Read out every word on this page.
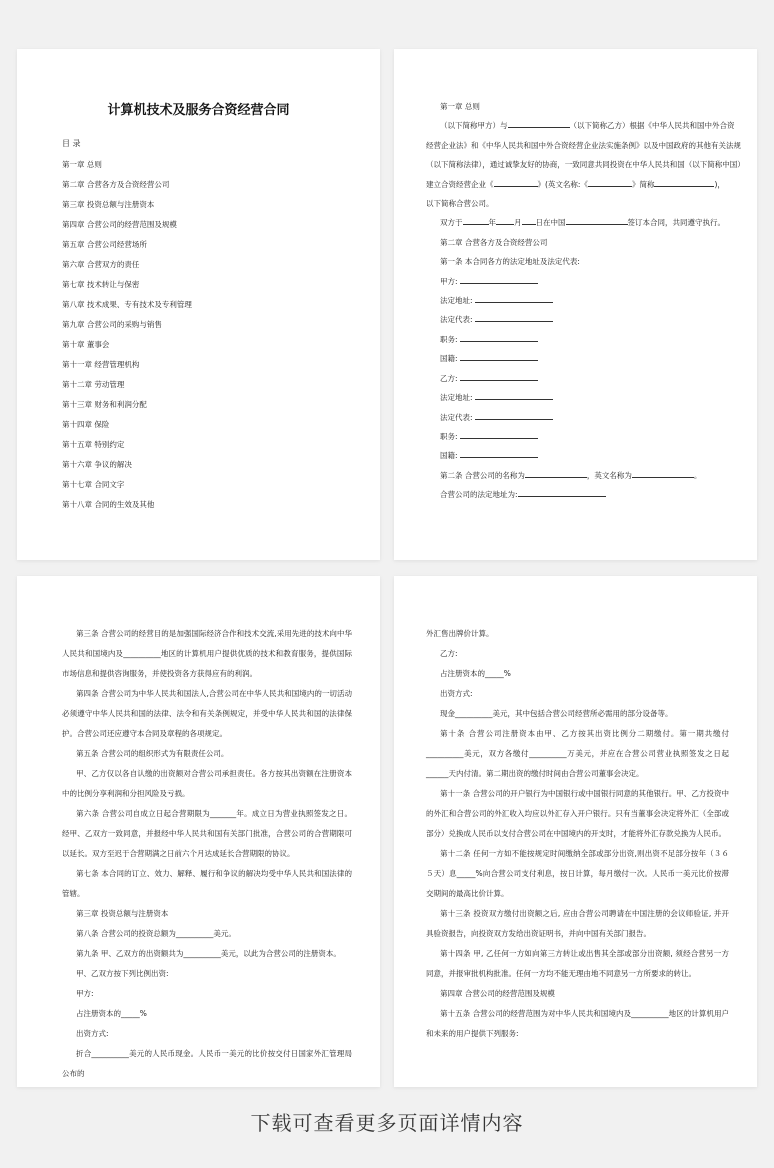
计算机技术及服务合资经营合同
目 录
第一章 总则
第二章 合营各方及合资经营公司
第三章 投资总额与注册资本
第四章 合营公司的经营范围及规模
第五章 合营公司经营场所
第六章 合营双方的责任
第七章 技术转让与保密
第八章 技术成果、专有技术及专利管理
第九章 合营公司的采购与销售
第十章 董事会
第十一章 经营管理机构
第十二章 劳动管理
第十三章 财务和利润分配
第十四章 保险
第十五章 特别约定
第十六章 争议的解决
第十七章 合同文字
第十八章 合同的生效及其他

第一章 总则

（以下简称甲方）与	（以下简称乙方）根据《中华人民共和国中外合资

经营企业法》和《中华人民共和国中外合资经营企业法实施条例》以及中国政府的其他有关法规

（以下简称法律），通过诚挚友好的协商，一致同意共同投资在中华人民共和国（以下简称中国）

建立合资经营企业《	》(英文名称:《	》简称	)，

以下简称合营公司。

双方于	年 月 日在中国	签订本合同，共同遵守执行。

第二章 合营各方及合资经营公司

第一条 本合同各方的法定地址及法定代表:

甲方:

法定地址:

法定代表:

职务:

国籍:

乙方:

法定地址:

法定代表:

职务:

国籍:

第二条 合营公司的名称为	，英文名称为	。

合营公司的法定地址为:

第三条 合营公司的经营目的是加强国际经济合作和技术交流,采用先进的技术向中华人民共和国境内及__________地区的计算机用户提供优质的技术和教育服务，提供国际市场信息和提供咨询服务，并使投资各方获得应有的利润。

第四条 合营公司为中华人民共和国法人,合营公司在中华人民共和国境内的一切活动必须遵守中华人民共和国的法律、法令和有关条例规定，并受中华人民共和国的法律保护。合营公司还应遵守本合同及章程的各项规定。

第五条 合营公司的组织形式为有限责任公司。

甲、乙方仅以各自认缴的出资额对合营公司承担责任。各方按其出资额在注册资本中的比例分享利润和分担风险及亏损。

第六条 合营公司自成立日起合营期限为_______年。成立日为营业执照签发之日。经甲、乙双方一致同意，并报经中华人民共和国有关部门批准，合营公司的合营期限可以延长。双方至迟于合营期满之日前六个月达成延长合营期限的协议。

第七条 本合同的订立、效力、解释、履行和争议的解决均受中华人民共和国法律的管辖。

第三章 投资总额与注册资本

第八条 合营公司的投资总额为__________美元。

第九条 甲、乙双方的出资额共为__________美元，以此为合营公司的注册资本。

甲、乙双方按下列比例出资:

甲方:

占注册资本的_____%

出资方式:

折合__________美元的人民币现金。人民币一美元的比价按交付日国家外汇管理局公布的

外汇售出牌价计算。

乙方:

占注册资本的_____%

出资方式:

现金__________美元，其中包括合营公司经营所必需用的部分设备等。

第十条 合营公司注册资本由甲、乙方按其出资比例分二期缴付。第一期共缴付__________美元，双方各缴付__________万美元，并应在合营公司营业执照签发之日起______天内付清。第二期出资的缴付时间由合营公司董事会决定。

第十一条 合营公司的开户银行为中国银行或中国银行同意的其他银行。甲、乙方投资中的外汇和合营公司的外汇收入均应以外汇存入开户银行。只有当董事会决定将外汇（全部或部分）兑换成人民币以支付合营公司在中国境内的开支时，才能将外汇存款兑换为人民币。

第十二条 任何一方如不能按规定时间缴纳全部或部分出资,则出资不足部分按年（３６５天）息_____%向合营公司支付利息，按日计算，每月缴付一次。人民币一美元比价按滞交期间的最高比价计算。

第十三条 投资双方缴付出资额之后, 应由合营公司聘请在中国注册的会议师验证, 并开具验资报告，向投资双方发给出资证明书，并向中国有关部门报告。

第十四条 甲, 乙任何一方如向第三方转让或出售其全部或部分出资额, 须经合营另一方同意，并报审批机构批准。任何一方均不能无理由地不同意另一方所要求的转让。

第四章 合营公司的经营范围及规模

第十五条 合营公司的经营范围为对中华人民共和国境内及__________地区的计算机用户和未来的用户提供下列服务:

下载可查看更多页面详情内容
